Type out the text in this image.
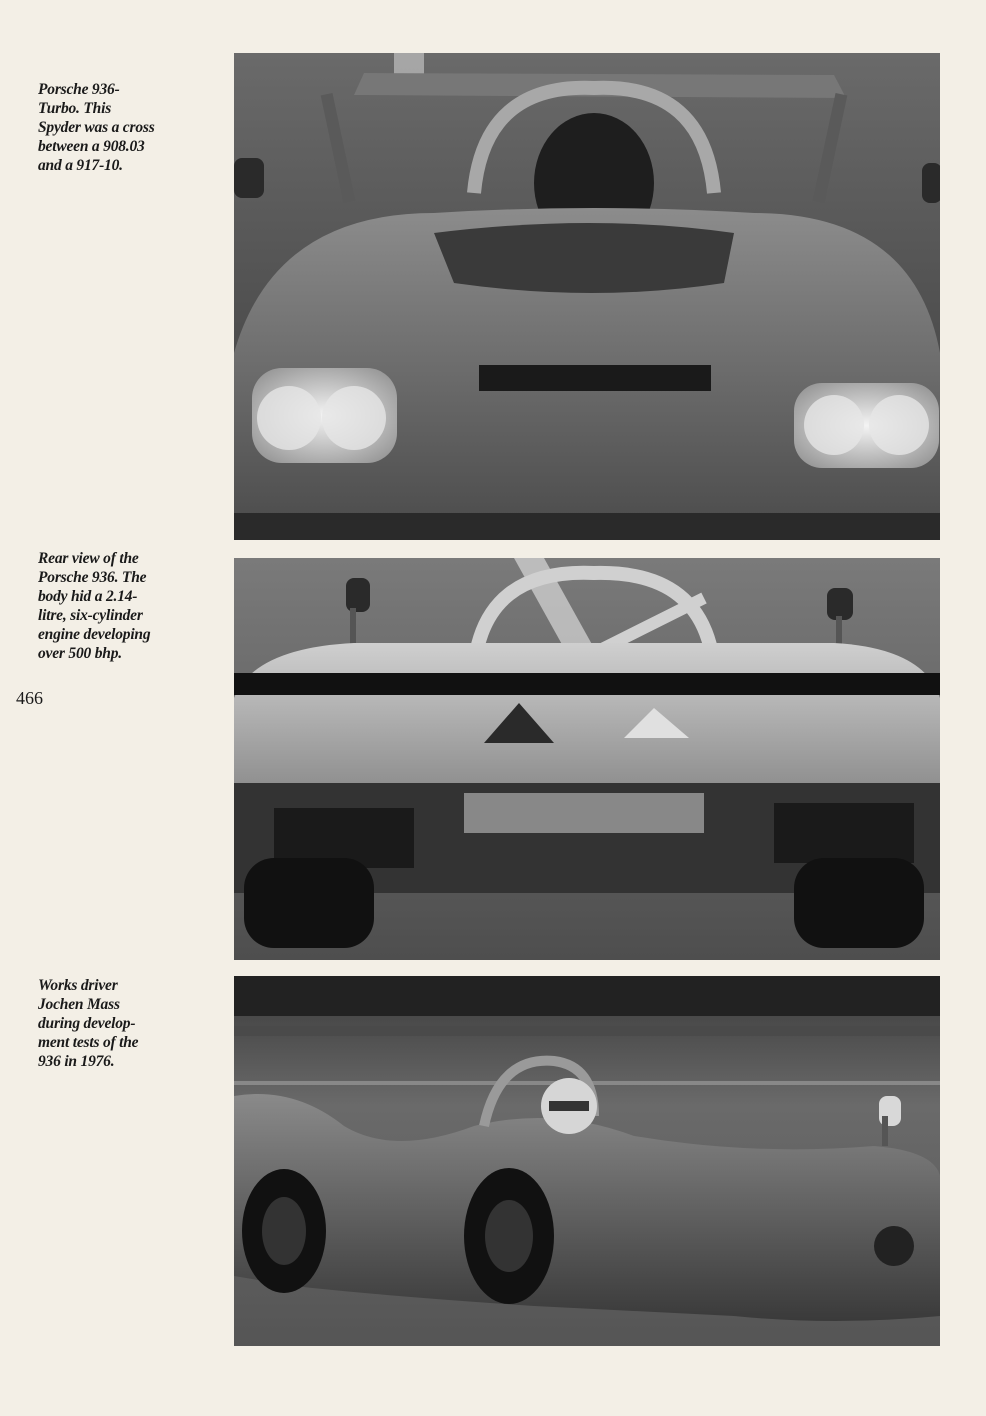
Porsche 936-
Turbo. This
Spyder was a cross
between a 908.03
and a 917-10.
Rear view of the
Porsche 936. The
body hid a 2.14-
litre, six-cylinder
engine developing
over 500 bhp.
466
Works driver
Jochen Mass
during develop-
ment tests of the
936 in 1976.
